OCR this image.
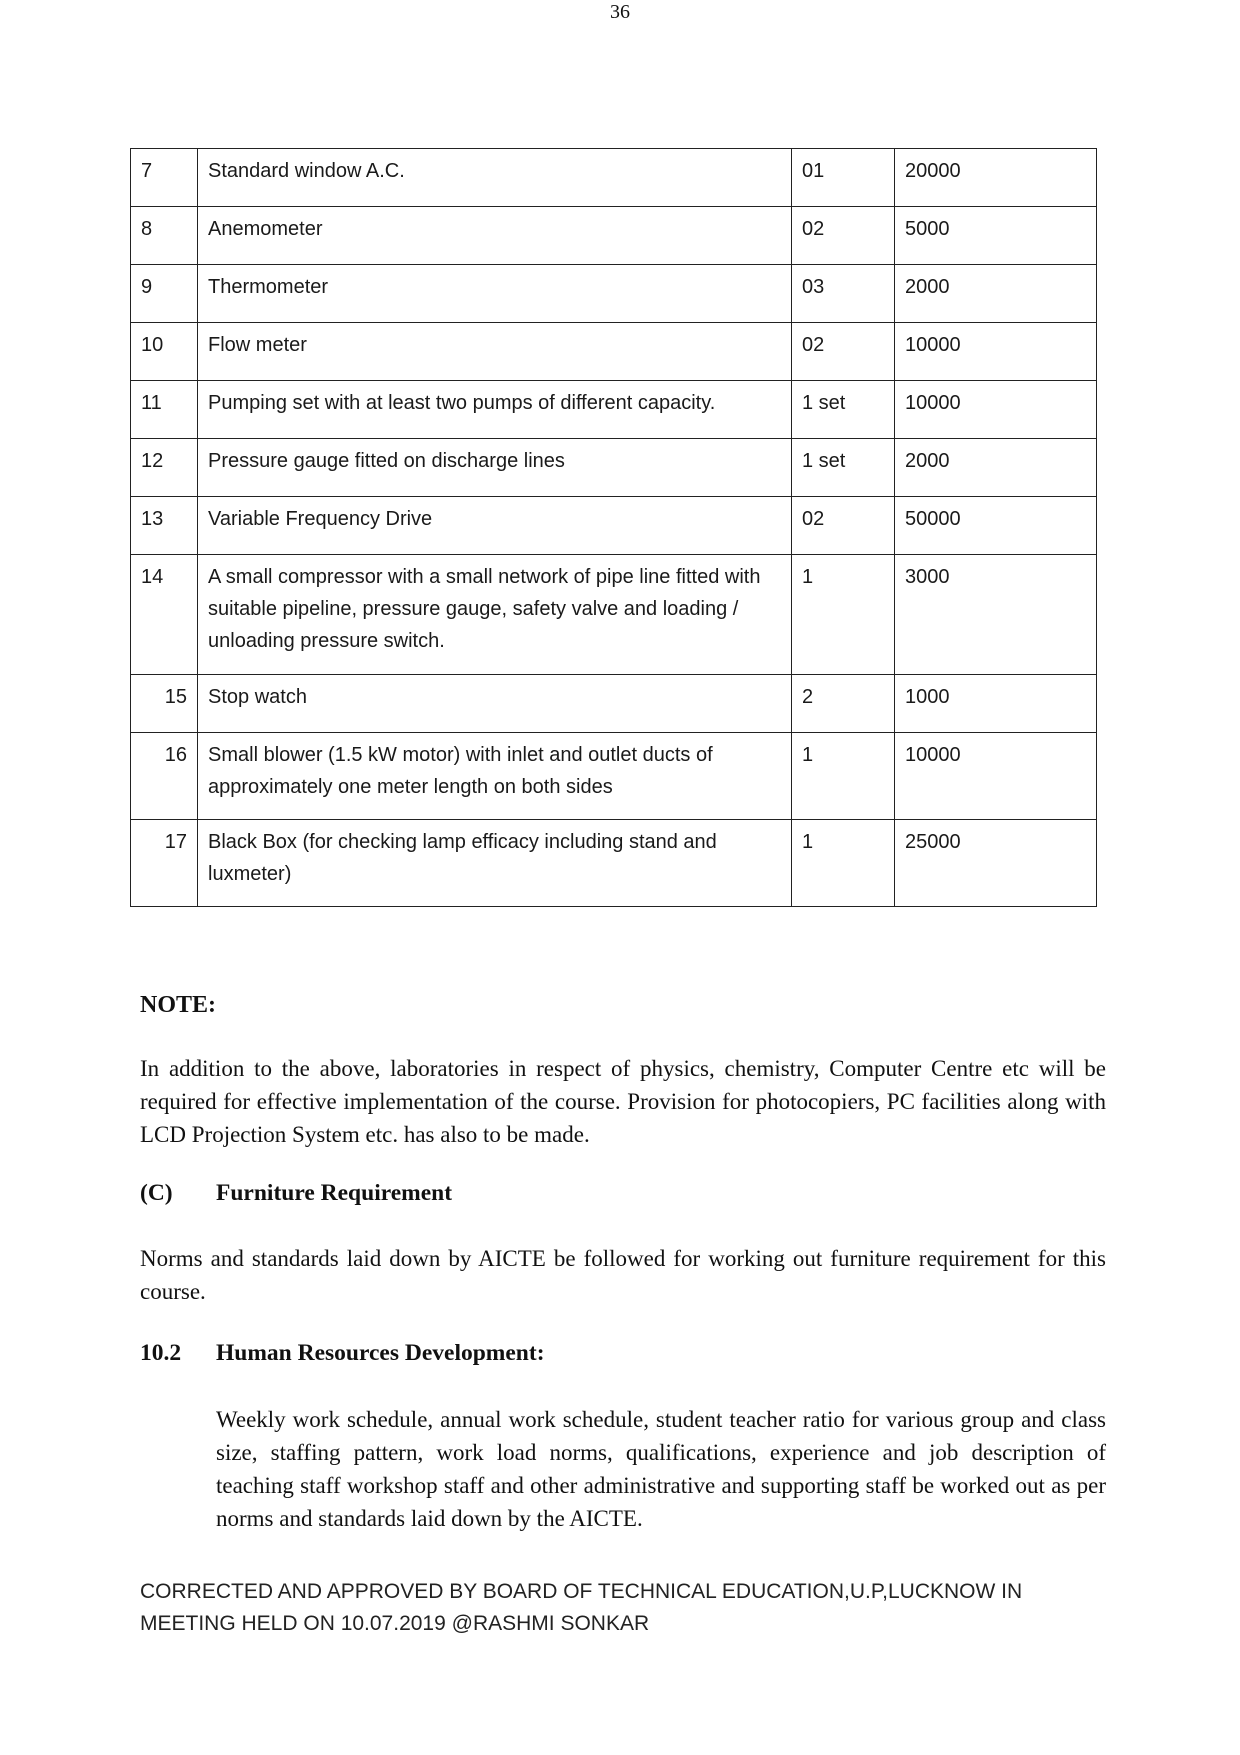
36
7	Standard window A.C.	01	20000
8	Anemometer	02	5000
9	Thermometer	03	2000
10	Flow meter	02	10000
11	Pumping set with at least two pumps of different capacity.	1 set	10000
12	Pressure gauge fitted on discharge lines	1 set	2000
13	Variable Frequency Drive	02	50000
14	A small compressor with a small network of pipe line fitted with suitable pipeline, pressure gauge, safety valve and loading / unloading pressure switch.	1	3000
15	Stop watch	2	1000
16	Small blower (1.5 kW motor) with inlet and outlet ducts of approximately one meter length on both sides	1	10000
17	Black Box (for checking lamp efficacy including stand and luxmeter)	1	25000
NOTE:
In addition to the above, laboratories in respect of physics, chemistry, Computer Centre etc will be required for effective implementation of the course. Provision for photocopiers, PC facilities along with LCD Projection System etc. has also to be made.
(C) Furniture Requirement
Norms and standards laid down by AICTE be followed for working out furniture requirement for this course.
10.2 Human Resources Development:
Weekly work schedule, annual work schedule, student teacher ratio for various group and class size, staffing pattern, work load norms, qualifications, experience and job description of teaching staff workshop staff and other administrative and supporting staff be worked out as per norms and standards laid down by the AICTE.
CORRECTED AND APPROVED BY BOARD OF TECHNICAL EDUCATION,U.P,LUCKNOW IN
MEETING HELD ON 10.07.2019 @RASHMI SONKAR
